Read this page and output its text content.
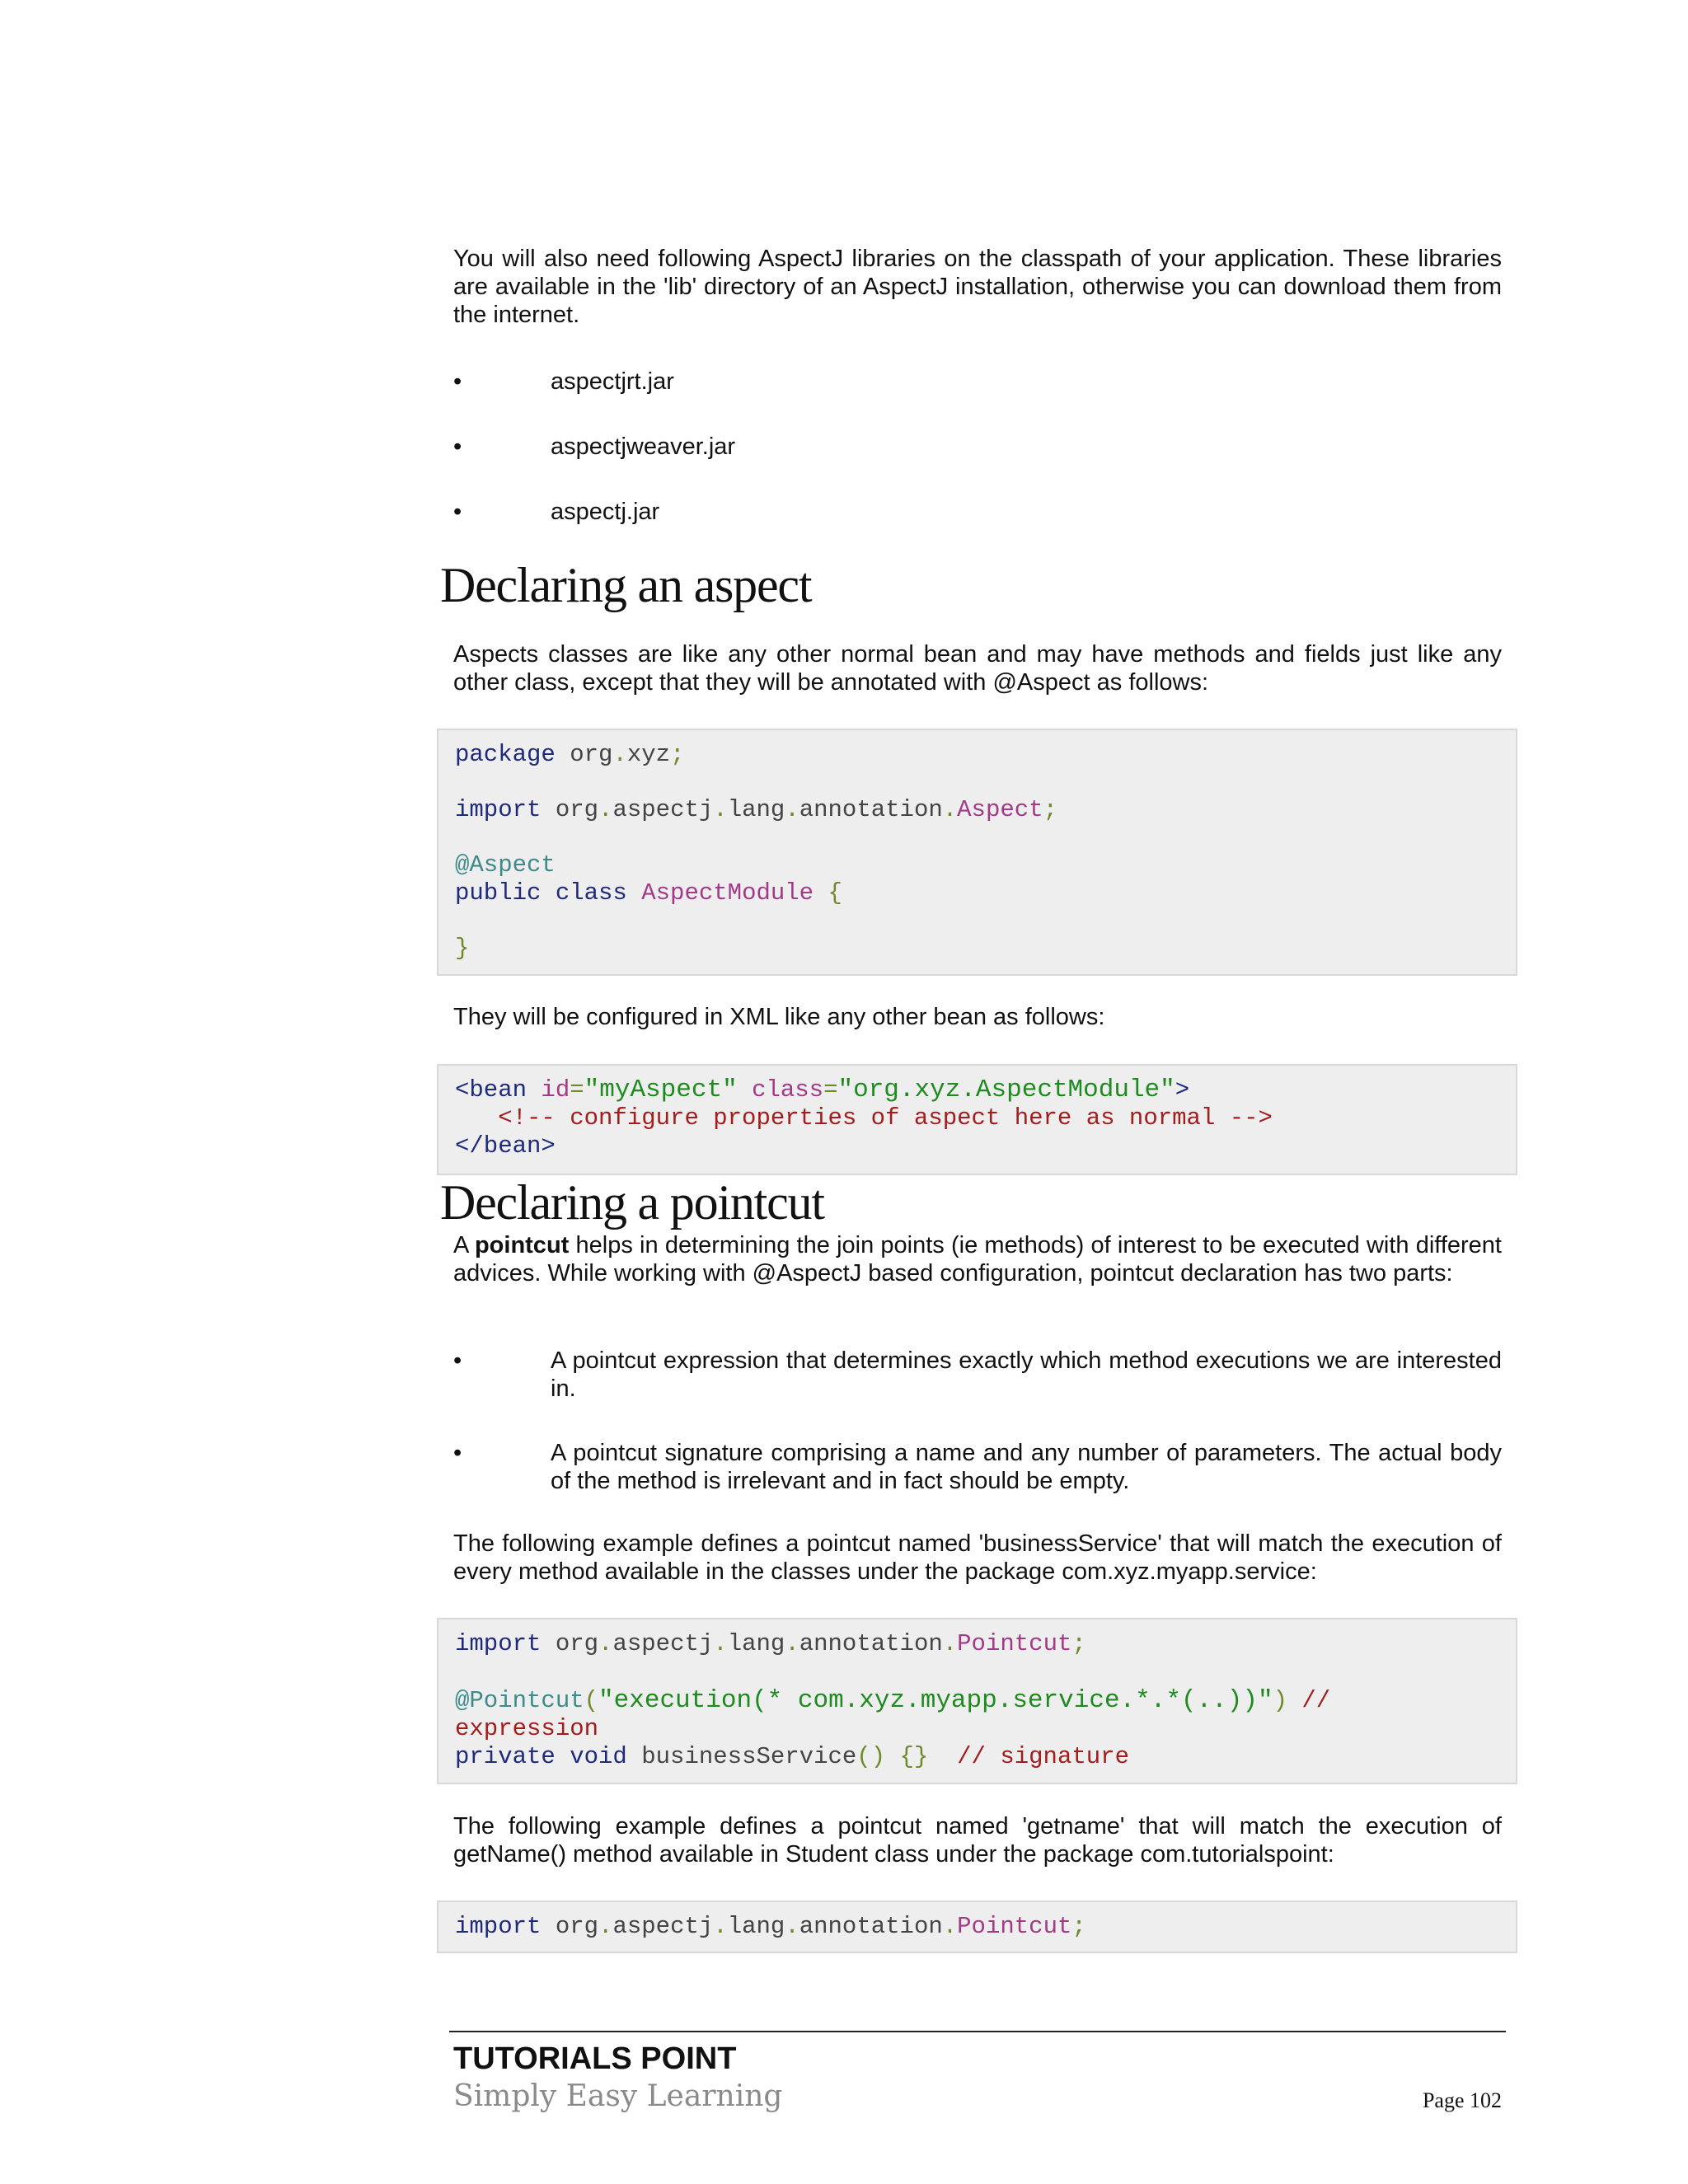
You will also need following AspectJ libraries on the classpath of your application. These libraries are available in the 'lib' directory of an AspectJ installation, otherwise you can download them from the internet.

•	aspectjrt.jar
•	aspectjweaver.jar
•	aspectj.jar
Declaring an aspect

Aspects classes are like any other normal bean and may have methods and fields just like any other class, except that they will be annotated with @Aspect as follows:

package org.xyz;
import org.aspectj.lang.annotation.Aspect;
@Aspect
public class AspectModule {
}

They will be configured in XML like any other bean as follows:

<bean id="myAspect" class="org.xyz.AspectModule">
<!-- configure properties of aspect here as normal -->
</bean>
Declaring a pointcut

A pointcut helps in determining the join points (ie methods) of interest to be executed with different advices. While working with @AspectJ based configuration, pointcut declaration has two parts:

•	A pointcut expression that determines exactly which method executions we are interested in.
•	A pointcut signature comprising a name and any number of parameters. The actual body of the method is irrelevant and in fact should be empty.

The following example defines a pointcut named 'businessService' that will match the execution of every method available in the classes under the package com.xyz.myapp.service:

import org.aspectj.lang.annotation.Pointcut;
@Pointcut("execution(* com.xyz.myapp.service.*.*(..))") //
expression
private void businessService() {}  // signature

The following example defines a pointcut named 'getname' that will match the execution of getName() method available in Student class under the package com.tutorialspoint:

import org.aspectj.lang.annotation.Pointcut;
TUTORIALS POINT
Simply Easy Learning	Page 102
